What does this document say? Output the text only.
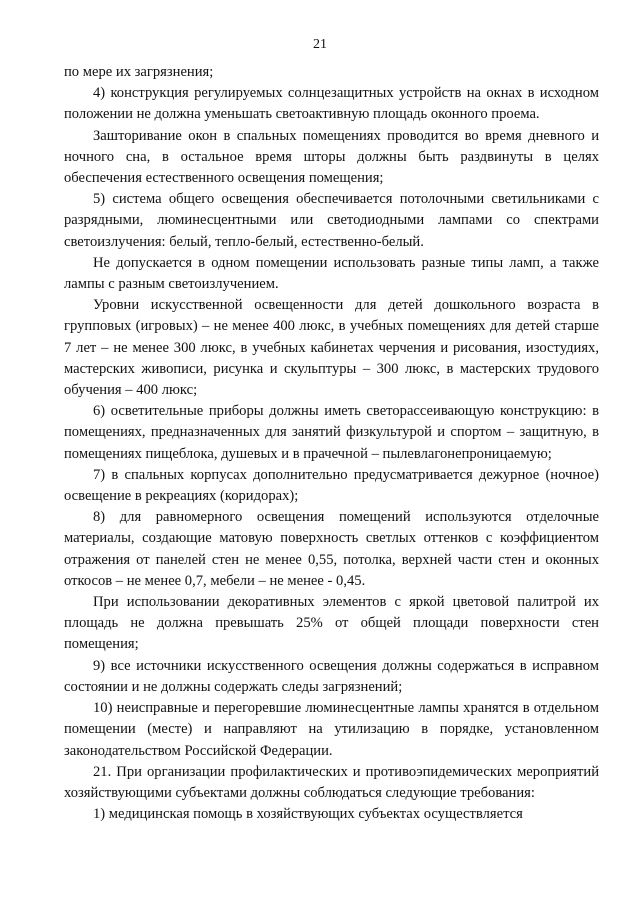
21

по мере их загрязнения;

4) конструкция регулируемых солнцезащитных устройств на окнах в исходном положении не должна уменьшать светоактивную площадь оконного проема.

Зашторивание окон в спальных помещениях проводится во время дневного и ночного сна, в остальное время шторы должны быть раздвинуты в целях обеспечения естественного освещения помещения;

5) система общего освещения обеспечивается потолочными светильниками с разрядными, люминесцентными или светодиодными лампами со спектрами светоизлучения: белый, тепло-белый, естественно-белый.

Не допускается в одном помещении использовать разные типы ламп, а также лампы с разным светоизлучением.

Уровни искусственной освещенности для детей дошкольного возраста в групповых (игровых) – не менее 400 люкс, в учебных помещениях для детей старше 7 лет – не менее 300 люкс, в учебных кабинетах черчения и рисования, изостудиях, мастерских живописи, рисунка и скульптуры – 300 люкс, в мастерских трудового обучения – 400 люкс;

6) осветительные приборы должны иметь светорассеивающую конструкцию: в помещениях, предназначенных для занятий физкультурой и спортом – защитную, в помещениях пищеблока, душевых и в прачечной – пылевлагонепроницаемую;

7) в спальных корпусах дополнительно предусматривается дежурное (ночное) освещение в рекреациях (коридорах);

8) для равномерного освещения помещений используются отделочные материалы, создающие матовую поверхность светлых оттенков с коэффициентом отражения от панелей стен не менее 0,55, потолка, верхней части стен и оконных откосов – не менее 0,7, мебели – не менее - 0,45.

При использовании декоративных элементов с яркой цветовой палитрой их площадь не должна превышать 25% от общей площади поверхности стен помещения;

9) все источники искусственного освещения должны содержаться в исправном состоянии и не должны содержать следы загрязнений;

10) неисправные и перегоревшие люминесцентные лампы хранятся в отдельном помещении (месте) и направляют на утилизацию в порядке, установленном законодательством Российской Федерации.

21. При организации профилактических и противоэпидемических мероприятий хозяйствующими субъектами должны соблюдаться следующие требования:

1) медицинская помощь в хозяйствующих субъектах осуществляется
